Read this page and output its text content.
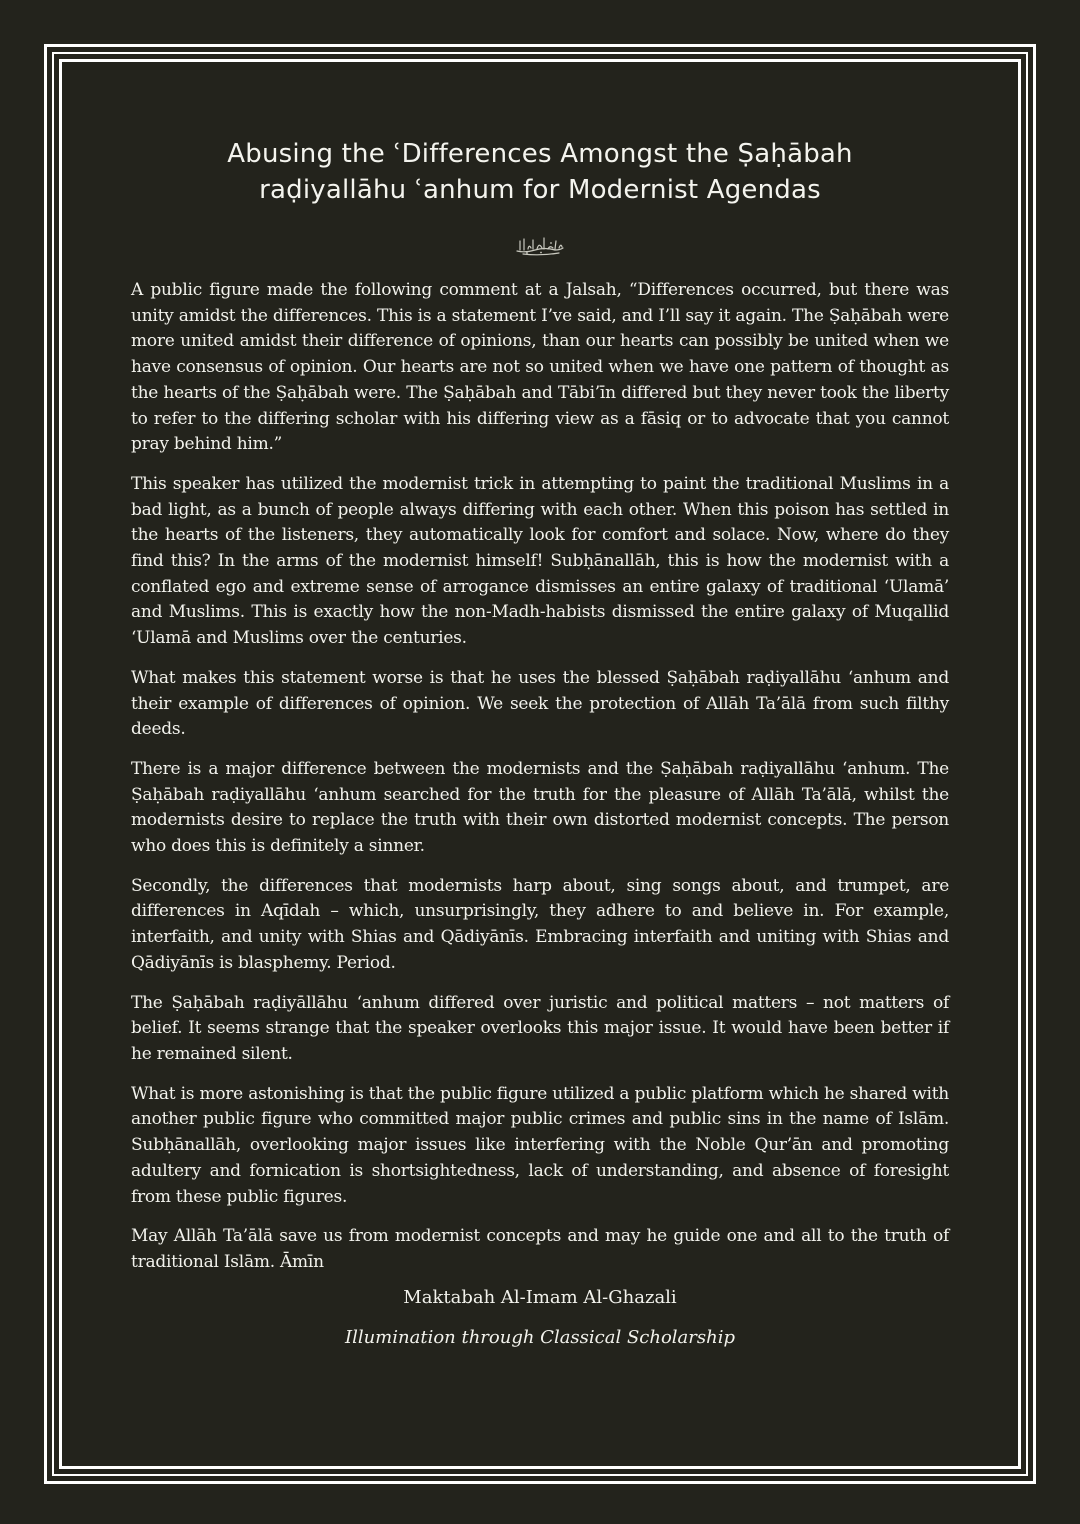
Abusing the ʿDifferences Amongst the Ṣaḥābah
raḍiyallāhu ʿanhum for Modernist Agendas

A public figure made the following comment at a Jalsah, “Differences occurred, but there was unity amidst the differences. This is a statement I’ve said, and I’ll say it again. The Ṣaḥābah were more united amidst their difference of opinions, than our hearts can possibly be united when we have consensus of opinion. Our hearts are not so united when we have one pattern of thought as the hearts of the Ṣaḥābah were. The Ṣaḥābah and Tābi’īn differed but they never took the liberty to refer to the differing scholar with his differing view as a fāsiq or to advocate that you cannot pray behind him.”

This speaker has utilized the modernist trick in attempting to paint the traditional Muslims in a bad light, as a bunch of people always differing with each other. When this poison has settled in the hearts of the listeners, they automatically look for comfort and solace. Now, where do they find this? In the arms of the modernist himself! Subḥānallāh, this is how the modernist with a conflated ego and extreme sense of arrogance dismisses an entire galaxy of traditional ‘Ulamā’ and Muslims. This is exactly how the non-Madh-habists dismissed the entire galaxy of Muqallid ‘Ulamā and Muslims over the centuries.

What makes this statement worse is that he uses the blessed Ṣaḥābah raḍiyallāhu ‘anhum and their example of differences of opinion. We seek the protection of Allāh Ta’ālā from such filthy deeds.

There is a major difference between the modernists and the Ṣaḥābah raḍiyallāhu ‘anhum. The Ṣaḥābah raḍiyallāhu ‘anhum searched for the truth for the pleasure of Allāh Ta’ālā, whilst the modernists desire to replace the truth with their own distorted modernist concepts. The person who does this is definitely a sinner.

Secondly, the differences that modernists harp about, sing songs about, and trumpet, are differences in Aqīdah – which, unsurprisingly, they adhere to and believe in. For example, interfaith, and unity with Shias and Qādiyānīs. Embracing interfaith and uniting with Shias and Qādiyānīs is blasphemy. Period.

The Ṣaḥābah raḍiyāllāhu ‘anhum differed over juristic and political matters – not matters of belief. It seems strange that the speaker overlooks this major issue. It would have been better if he remained silent.

What is more astonishing is that the public figure utilized a public platform which he shared with another public figure who committed major public crimes and public sins in the name of Islām. Subḥānallāh, overlooking major issues like interfering with the Noble Qur’ān and promoting adultery and fornication is shortsightedness, lack of understanding, and absence of foresight from these public figures.

May Allāh Ta’ālā save us from modernist concepts and may he guide one and all to the truth of traditional Islām. Āmīn

Maktabah Al-Imam Al-Ghazali
Illumination through Classical Scholarship
